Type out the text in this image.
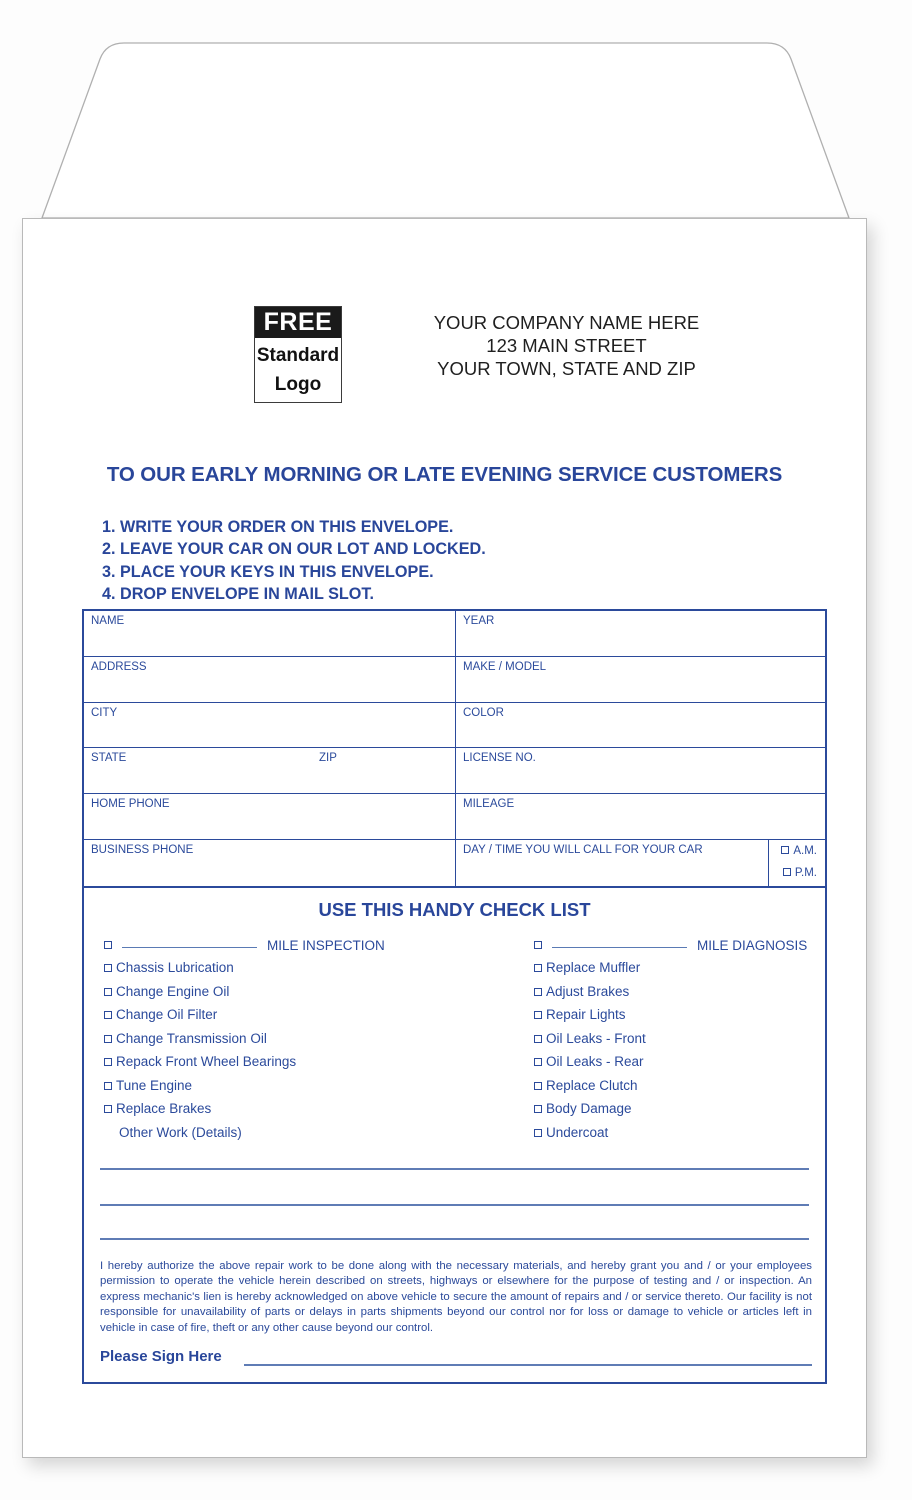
FREE
Standard
Logo
YOUR COMPANY NAME HERE
123 MAIN STREET
YOUR TOWN, STATE AND ZIP
TO OUR EARLY MORNING OR LATE EVENING SERVICE CUSTOMERS
1. WRITE YOUR ORDER ON THIS ENVELOPE.
2. LEAVE YOUR CAR ON OUR LOT AND LOCKED.
3. PLACE YOUR KEYS IN THIS ENVELOPE.
4. DROP ENVELOPE IN MAIL SLOT.
NAME	YEAR
ADDRESS	MAKE / MODEL
CITY	COLOR
STATE	ZIP	LICENSE NO.
HOME PHONE	MILEAGE
BUSINESS PHONE	DAY / TIME YOU WILL CALL FOR YOUR CAR	A.M.
P.M.
USE THIS HANDY CHECK LIST
MILE INSPECTION
Chassis Lubrication
Change Engine Oil
Change Oil Filter
Change Transmission Oil
Repack Front Wheel Bearings
Tune Engine
Replace Brakes
Other Work (Details)
MILE DIAGNOSIS
Replace Muffler
Adjust Brakes
Repair Lights
Oil Leaks - Front
Oil Leaks - Rear
Replace Clutch
Body Damage
Undercoat
I hereby authorize the above repair work to be done along with the necessary materials, and hereby grant you and / or your employees permission to operate the vehicle herein described on streets, highways or elsewhere for the purpose of testing and / or inspection. An express mechanic's lien is hereby acknowledged on above vehicle to secure the amount of repairs and / or service thereto. Our facility is not responsible for unavailability of parts or delays in parts shipments beyond our control nor for loss or damage to vehicle or articles left in vehicle in case of fire, theft or any other cause beyond our control.
Please Sign Here
